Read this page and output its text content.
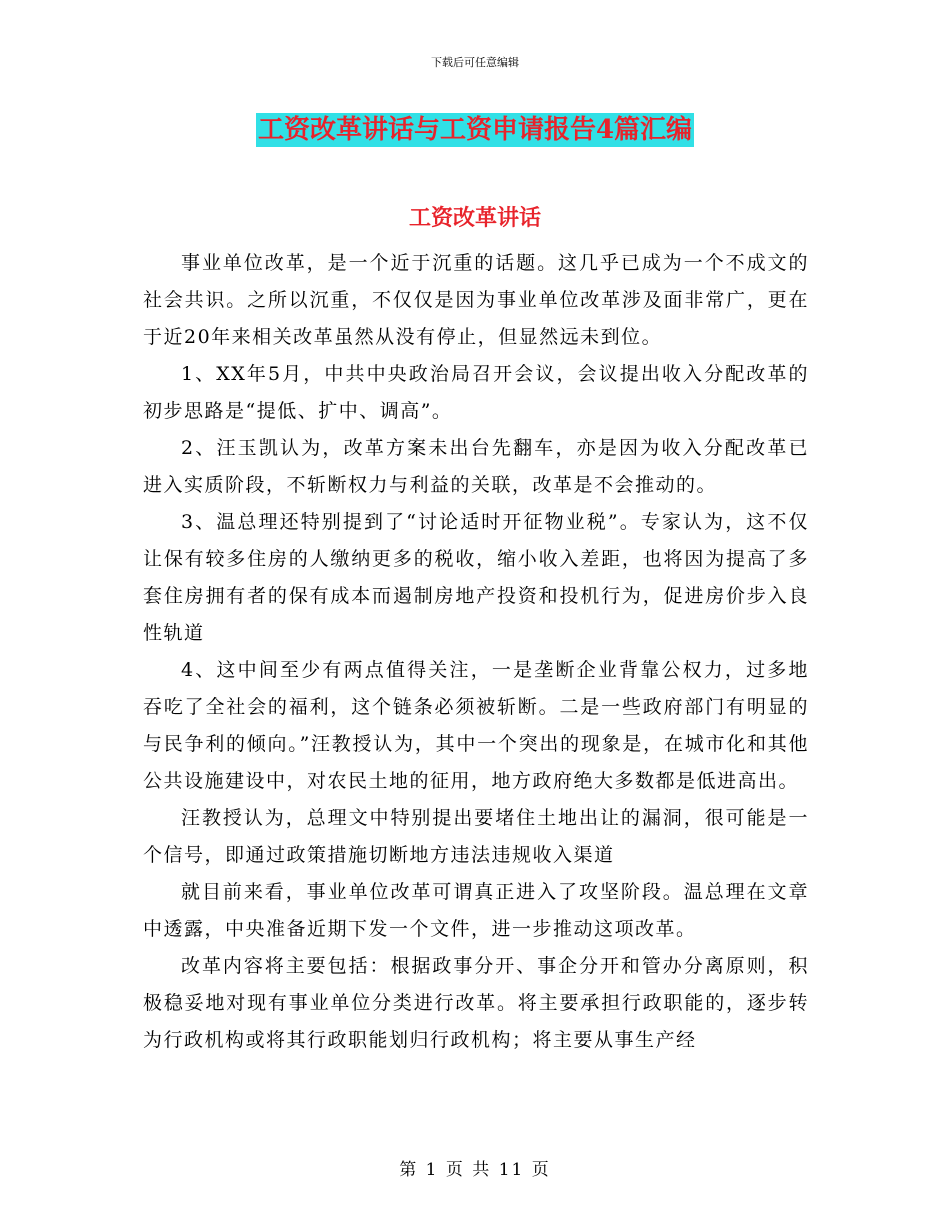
下载后可任意编辑
工资改革讲话与工资申请报告4篇汇编
工资改革讲话

事业单位改革，是一个近于沉重的话题。这几乎已成为一个不成文的社会共识。之所以沉重，不仅仅是因为事业单位改革涉及面非常广，更在于近20年来相关改革虽然从没有停止，但显然远未到位。

1、XX年5月，中共中央政治局召开会议，会议提出收入分配改革的初步思路是“提低、扩中、调高”。

2、汪玉凯认为，改革方案未出台先翻车，亦是因为收入分配改革已进入实质阶段，不斩断权力与利益的关联，改革是不会推动的。

3、温总理还特别提到了“讨论适时开征物业税”。专家认为，这不仅让保有较多住房的人缴纳更多的税收，缩小收入差距，也将因为提高了多套住房拥有者的保有成本而遏制房地产投资和投机行为，促进房价步入良性轨道

4、这中间至少有两点值得关注，一是垄断企业背靠公权力，过多地吞吃了全社会的福利，这个链条必须被斩断。二是一些政府部门有明显的与民争利的倾向。”汪教授认为，其中一个突出的现象是，在城市化和其他公共设施建设中，对农民土地的征用，地方政府绝大多数都是低进高出。

汪教授认为，总理文中特别提出要堵住土地出让的漏洞，很可能是一个信号，即通过政策措施切断地方违法违规收入渠道

就目前来看，事业单位改革可谓真正进入了攻坚阶段。温总理在文章中透露，中央准备近期下发一个文件，进一步推动这项改革。

改革内容将主要包括：根据政事分开、事企分开和管办分离原则，积极稳妥地对现有事业单位分类进行改革。将主要承担行政职能的，逐步转为行政机构或将其行政职能划归行政机构；将主要从事生产经

第 1 页 共 11 页
